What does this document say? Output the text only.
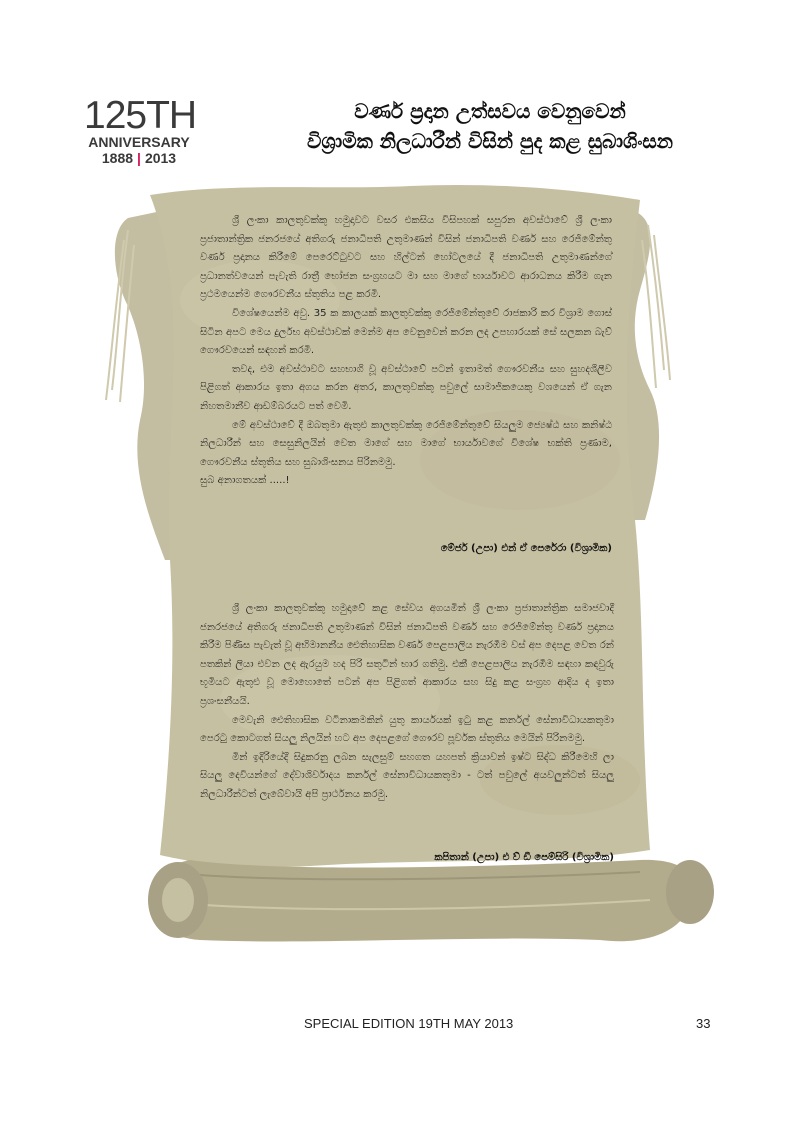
125TH
ANNIVERSARY
1888 | 2013
වර්ණ ප්‍රදාන උත්සවය වෙනුවෙන්
විශ්‍රාමික නිලධාරීන් විසින් පුද කළ සුබාශිංසන

ශ්‍රී ලංකා කාලතුවක්කු හමුදාවට වසර එකසිය විසිපහක් සපුරන අවස්ථාවේ ශ්‍රී ලංකා ප්‍රජාතාන්ත්‍රික ජනරජයේ අතිගරු ජනාධිපති උතුමාණන් විසින් ජනාධිපති වර්ණ සහ රෙජිමේන්තු වර්ණ ප්‍රදානය කිරීමේ පෙරෙට්ටුවට සහ හිල්ටන් හෝටලයේ දී ජනාධිපති උතුමාණන්ගේ ප්‍රධානත්වයෙන් පැවැති රාත්‍රී භෝජන සංග්‍රහයට මා සහ මාගේ භාර්යාවට ආරාධනය කිරීම ගැන ප්‍රථමයෙන්ම ගෞරවනීය ස්තුතිය පළ කරමි.

විශේෂයෙන්ම අවු. 35 ක කාලයක් කාලතුවක්කු රෙජිමේන්තුවේ රාජකාරි කර විශ්‍රාම ගොස් සිටින අපට මෙය දුර්ලභ අවස්ථාවක් මෙන්ම අප වෙනුවෙන් කරන ලද උපහාරයක් සේ සලකන බැව් ගෞරවයෙන් සඳහන් කරමි.

තවද, එම අවස්ථාවට සහභාගි වූ අවස්ථාවේ පටන් ඉතාමත් ගෞරවනීය සහ සුහදශීලීව පිළිගත් ආකාරය ඉතා අගය කරන අතර, කාලතුවක්කු පවුලේ සාමාජිකයෙකු වශයෙන් ඒ ගැන නිහතමානීව ආඩම්බරයට පත් වෙමි.

මේ අවස්ථාවේ දී ඔබතුමා ඇතුළු කාලතුවක්කු රෙජිමේන්තුවේ සියලුම ජ්‍යෙෂ්ඨ සහ කනිෂ්ඨ නිලධාරීන් සහ සෙසුනිලයින් වෙත මාගේ සහ මාගේ භාර්යාවගේ විශේෂ භක්ති ප්‍රණාම, ගෞරවනීය ස්තුතිය සහ සුබාශිංසනය පිරිනමමු.

සුබ අනාගතයක් .....!

මේජර් (උපා) එන් ඒ පෙරේරා (විශ්‍රාමික)

ශ්‍රී ලංකා කාලතුවක්කු හමුදාවේ කළ සේවය අගයමින් ශ්‍රී ලංකා ප්‍රජාතාන්ත්‍රික සමාජවාදී ජනරජයේ අතිගරු ජනාධිපති උතුමාණන් විසින් ජනාධිපති වර්ණ සහ රෙජිමේන්තු වර්ණ ප්‍රදානය කිරීම පිණිස පැවැත් වූ අභිමානනීය ඓතිහාසික වර්ණ පෙළපාලිය නැරඹීම වස් අප දෙපළ වෙත රන් පතකින් ලියා එවන ලද ඇරයුම හද පිරි සතුටින් භාර ගතිමු. එකී පෙළපාලිය නැරඹීම සඳහා කඳවුරු භූමියට ඇතුළු වූ මොහොතේ පටන් අප පිළිගත් ආකාරය සහ සිදු කළ සංග්‍රහ ආදිය ද ඉතා ප්‍රශංසනීයයි.

මෙවැනි ඓතිහාසික වටිනාකමකින් යුතු කාර්යයක් ඉටු කළ කර්නල් සේනාවිධායකතුමා පෙරටු කොටගත් සියලු නිලයින් හට අප දෙපළගේ ගෞරව පූර්වක ස්තුතිය මෙයින් පිරිනමමු.

මින් ඉදිරියේදී සිදුකරනු ලබන සැලසුම් සහගත යහපත් ක්‍රියාවන් ඉෂ්ට සිද්ධ කිරීමෙහි ලා සියලු දෙවියන්ගේ දේවාශිර්වාදය කර්නල් සේනාවිධායකතුමා - ටත් පවුලේ අයවලුන්ටත් සියලු නිලධාරීන්ටත් ලැබේවායි අපි ප්‍රාර්ථනය කරමු.

කපිතාන් (උපා) එ ව් ඩී පෙම්සිරි (විශ්‍රාමික)
SPECIAL EDITION 19TH MAY 2013	33
